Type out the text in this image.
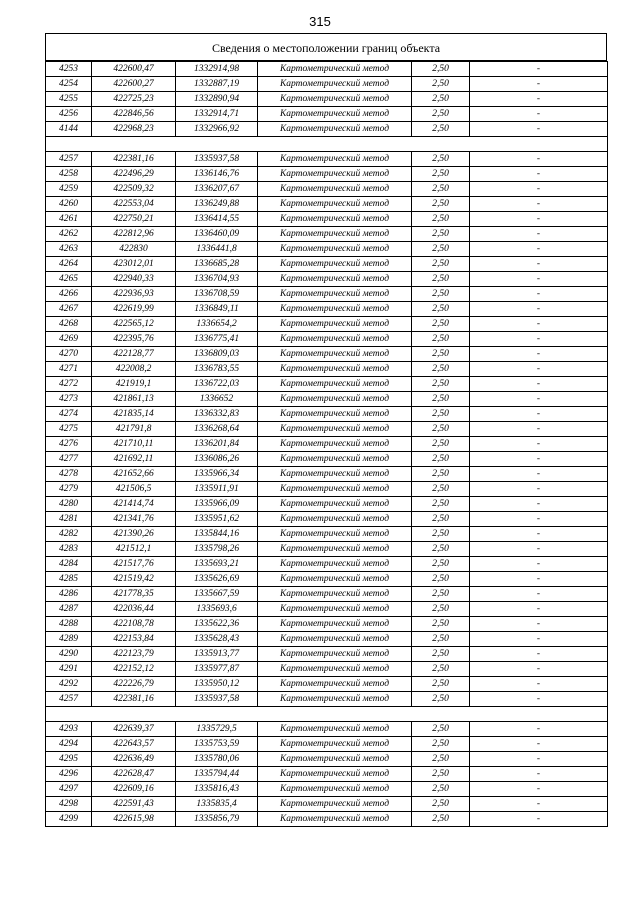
315
Сведения о местоположении границ объекта
4253	422600,47	1332914,98	Картометрический метод	2,50	-
4254	422600,27	1332887,19	Картометрический метод	2,50	-
4255	422725,23	1332890,94	Картометрический метод	2,50	-
4256	422846,56	1332914,71	Картометрический метод	2,50	-
4144	422968,23	1332966,92	Картометрический метод	2,50	-

4257	422381,16	1335937,58	Картометрический метод	2,50	-
4258	422496,29	1336146,76	Картометрический метод	2,50	-
4259	422509,32	1336207,67	Картометрический метод	2,50	-
4260	422553,04	1336249,88	Картометрический метод	2,50	-
4261	422750,21	1336414,55	Картометрический метод	2,50	-
4262	422812,96	1336460,09	Картометрический метод	2,50	-
4263	422830	1336441,8	Картометрический метод	2,50	-
4264	423012,01	1336685,28	Картометрический метод	2,50	-
4265	422940,33	1336704,93	Картометрический метод	2,50	-
4266	422936,93	1336708,59	Картометрический метод	2,50	-
4267	422619,99	1336849,11	Картометрический метод	2,50	-
4268	422565,12	1336654,2	Картометрический метод	2,50	-
4269	422395,76	1336775,41	Картометрический метод	2,50	-
4270	422128,77	1336809,03	Картометрический метод	2,50	-
4271	422008,2	1336783,55	Картометрический метод	2,50	-
4272	421919,1	1336722,03	Картометрический метод	2,50	-
4273	421861,13	1336652	Картометрический метод	2,50	-
4274	421835,14	1336332,83	Картометрический метод	2,50	-
4275	421791,8	1336268,64	Картометрический метод	2,50	-
4276	421710,11	1336201,84	Картометрический метод	2,50	-
4277	421692,11	1336086,26	Картометрический метод	2,50	-
4278	421652,66	1335966,34	Картометрический метод	2,50	-
4279	421506,5	1335911,91	Картометрический метод	2,50	-
4280	421414,74	1335966,09	Картометрический метод	2,50	-
4281	421341,76	1335951,62	Картометрический метод	2,50	-
4282	421390,26	1335844,16	Картометрический метод	2,50	-
4283	421512,1	1335798,26	Картометрический метод	2,50	-
4284	421517,76	1335693,21	Картометрический метод	2,50	-
4285	421519,42	1335626,69	Картометрический метод	2,50	-
4286	421778,35	1335667,59	Картометрический метод	2,50	-
4287	422036,44	1335693,6	Картометрический метод	2,50	-
4288	422108,78	1335622,36	Картометрический метод	2,50	-
4289	422153,84	1335628,43	Картометрический метод	2,50	-
4290	422123,79	1335913,77	Картометрический метод	2,50	-
4291	422152,12	1335977,87	Картометрический метод	2,50	-
4292	422226,79	1335950,12	Картометрический метод	2,50	-
4257	422381,16	1335937,58	Картометрический метод	2,50	-

4293	422639,37	1335729,5	Картометрический метод	2,50	-
4294	422643,57	1335753,59	Картометрический метод	2,50	-
4295	422636,49	1335780,06	Картометрический метод	2,50	-
4296	422628,47	1335794,44	Картометрический метод	2,50	-
4297	422609,16	1335816,43	Картометрический метод	2,50	-
4298	422591,43	1335835,4	Картометрический метод	2,50	-
4299	422615,98	1335856,79	Картометрический метод	2,50	-
